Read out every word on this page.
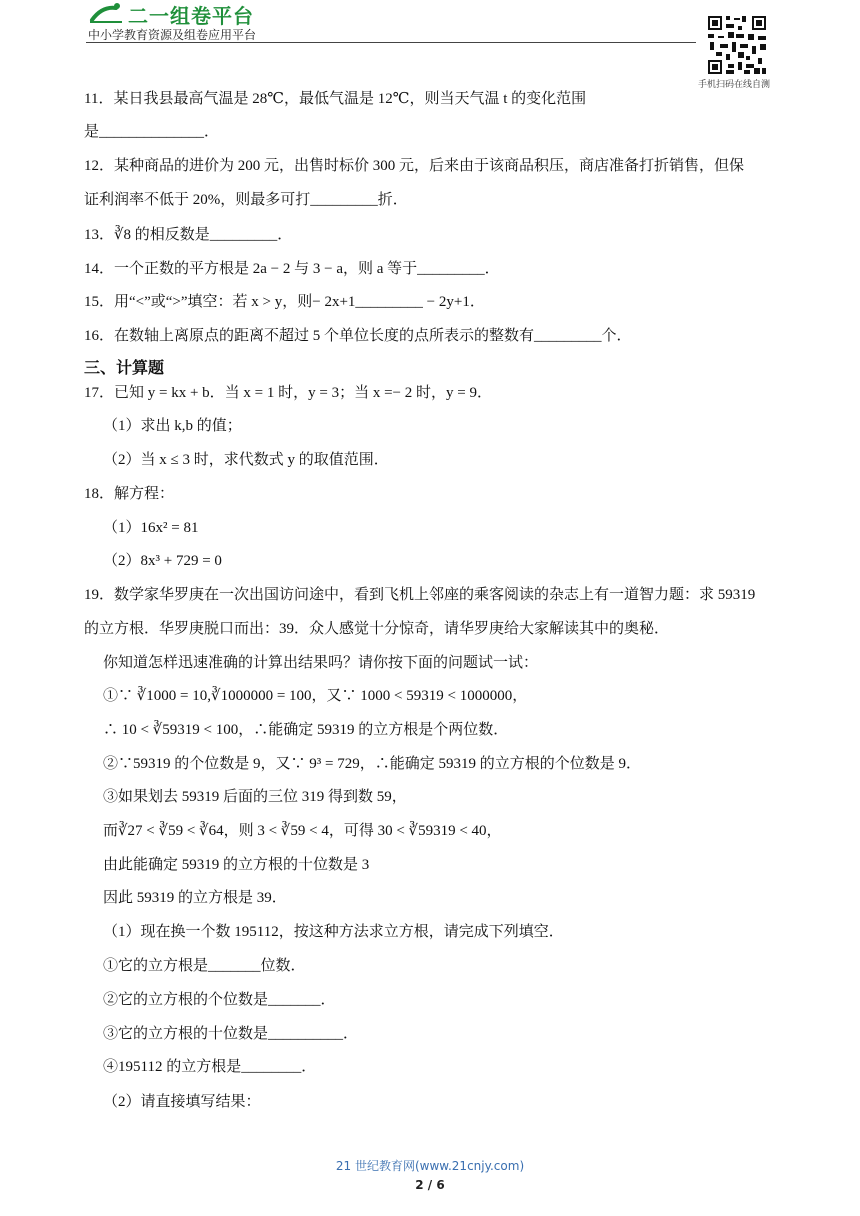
二一组卷平台
中小学教育资源及组卷应用平台
手机扫码在线自测
11．某日我县最高气温是 28℃，最低气温是 12℃，则当天气温 t 的变化范围
是______________．
12．某种商品的进价为 200 元，出售时标价 300 元，后来由于该商品积压，商店准备打折销售，但保
证利润率不低于 20%，则最多可打_________折．
13．∛8 的相反数是_________．
14．一个正数的平方根是 2a − 2 与 3 − a，则 a 等于_________．
15．用“<”或“>”填空：若 x > y，则− 2x+1_________ − 2y+1．
16．在数轴上离原点的距离不超过 5 个单位长度的点所表示的整数有_________个．
三、计算题
17．已知 y = kx + b．当 x = 1 时，y = 3；当 x =− 2 时，y = 9．
（1）求出 k,b 的值；
（2）当 x ≤ 3 时，求代数式 y 的取值范围．
18．解方程：
（1）16x² = 81
（2）8x³ + 729 = 0
19．数学家华罗庚在一次出国访问途中，看到飞机上邻座的乘客阅读的杂志上有一道智力题：求 59319
的立方根．华罗庚脱口而出：39．众人感觉十分惊奇，请华罗庚给大家解读其中的奥秘．
你知道怎样迅速准确的计算出结果吗？请你按下面的问题试一试：
①∵ ∛1000 = 10,∛1000000 = 100，又∵ 1000 < 59319 < 1000000，
∴ 10 < ∛59319 < 100，∴能确定 59319 的立方根是个两位数．
②∵59319 的个位数是 9，又∵ 9³ = 729，∴能确定 59319 的立方根的个位数是 9．
③如果划去 59319 后面的三位 319 得到数 59，
而∛27 < ∛59 < ∛64，则 3 < ∛59 < 4，可得 30 < ∛59319 < 40，
由此能确定 59319 的立方根的十位数是 3
因此 59319 的立方根是 39．
（1）现在换一个数 195112，按这种方法求立方根，请完成下列填空．
①它的立方根是_______位数．
②它的立方根的个位数是_______．
③它的立方根的十位数是__________．
④195112 的立方根是________．
（2）请直接填写结果：
21 世纪教育网(www.21cnjy.com)
2 / 6
